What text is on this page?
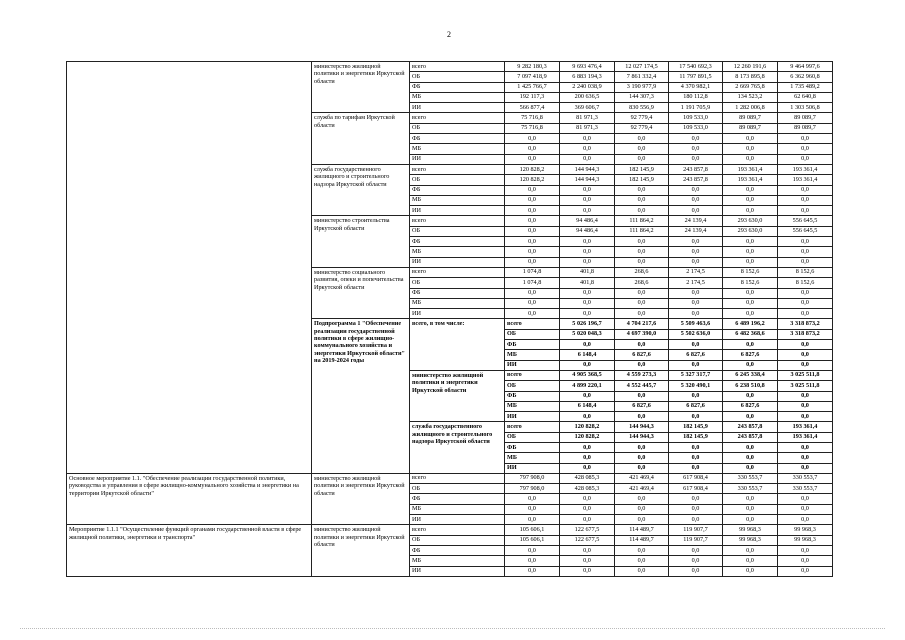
2
	министерство жилищной политики и энергетики Иркутской области	всего	9 282 180,3	9 693 476,4	12 027 174,5	17 540 692,3	12 260 191,6	9 464 997,6	
		ОБ	7 097 418,9	6 883 194,3	7 861 332,4	11 797 891,5	8 173 895,8	6 362 960,8	
		ФБ	1 425 766,7	2 240 038,9	3 190 977,9	4 370 982,1	2 669 765,8	1 735 489,2	
		МБ	192 117,3	200 636,5	144 307,3	180 112,8	134 523,2	62 640,8	
		ИИ	566 877,4	369 606,7	830 556,9	1 191 705,9	1 282 006,8	1 303 506,8	
	служба по тарифам Иркутской области	всего	75 716,8	81 971,3	92 779,4	109 533,0	89 089,7	89 089,7	
		ОБ	75 716,8	81 971,3	92 779,4	109 533,0	89 089,7	89 089,7	
		ФБ	0,0	0,0	0,0	0,0	0,0	0,0	
		МБ	0,0	0,0	0,0	0,0	0,0	0,0	
		ИИ	0,0	0,0	0,0	0,0	0,0	0,0	
	служба государственного жилищного и строительного надзора Иркутской области	всего	120 828,2	144 944,3	182 145,9	243 857,8	193 361,4	193 361,4	
		ОБ	120 828,2	144 944,3	182 145,9	243 857,8	193 361,4	193 361,4	
		ФБ	0,0	0,0	0,0	0,0	0,0	0,0	
		МБ	0,0	0,0	0,0	0,0	0,0	0,0	
		ИИ	0,0	0,0	0,0	0,0	0,0	0,0	
	министерство строительства Иркутской области	всего	0,0	94 486,4	111 864,2	24 139,4	293 630,0	556 645,5	
		ОБ	0,0	94 486,4	111 864,2	24 139,4	293 630,0	556 645,5	
		ФБ	0,0	0,0	0,0	0,0	0,0	0,0	
		МБ	0,0	0,0	0,0	0,0	0,0	0,0	
		ИИ	0,0	0,0	0,0	0,0	0,0	0,0	
	министерство социального развития, опеки и попечительства Иркутской области	всего	1 074,8	401,8	268,6	2 174,5	8 152,6	8 152,6	
		ОБ	1 074,8	401,8	268,6	2 174,5	8 152,6	8 152,6	
		ФБ	0,0	0,0	0,0	0,0	0,0	0,0	
		МБ	0,0	0,0	0,0	0,0	0,0	0,0	
		ИИ	0,0	0,0	0,0	0,0	0,0	0,0	
	Подпрограмма 1 "Обеспечение реализации государственной политики в сфере жилищно-коммунального хозяйства и энергетики Иркутской области" на 2019-2024 годы	всего, в том числе:	всего	5 026 196,7	4 704 217,6	5 509 463,6	6 489 196,2	3 318 873,2	
			ОБ	5 020 048,3	4 697 390,0	5 502 636,0	6 482 368,6	3 318 873,2	
			ФБ	0,0	0,0	0,0	0,0	0,0	
			МБ	6 148,4	6 827,6	6 827,6	6 827,6	0,0	
			ИИ	0,0	0,0	0,0	0,0	0,0	
		министерство жилищной политики и энергетики Иркутской области	всего	4 905 368,5	4 559 273,3	5 327 317,7	6 245 338,4	3 025 511,8	
			ОБ	4 899 220,1	4 552 445,7	5 320 490,1	6 238 510,8	3 025 511,8	
			ФБ	0,0	0,0	0,0	0,0	0,0	
			МБ	6 148,4	6 827,6	6 827,6	6 827,6	0,0	
			ИИ	0,0	0,0	0,0	0,0	0,0	
		служба государственного жилищного и строительного надзора Иркутской области	всего	120 828,2	144 944,3	182 145,9	243 857,8	193 361,4	
			ОБ	120 828,2	144 944,3	182 145,9	243 857,8	193 361,4	
			ФБ	0,0	0,0	0,0	0,0	0,0	
			МБ	0,0	0,0	0,0	0,0	0,0	
			ИИ	0,0	0,0	0,0	0,0	0,0	
Основное мероприятие 1.1. "Обеспечение реализации государственной политики, руководства и управления в сфере жилищно-коммунального хозяйства и энергетики на территории Иркутской области"	министерство жилищной политики и энергетики Иркутской области	всего	797 908,0	428 085,3	421 469,4	617 908,4	330 553,7	330 553,7	
		ОБ	797 908,0	428 085,3	421 469,4	617 908,4	330 553,7	330 553,7	
		ФБ	0,0	0,0	0,0	0,0	0,0	0,0	
		МБ	0,0	0,0	0,0	0,0	0,0	0,0	
		ИИ	0,0	0,0	0,0	0,0	0,0	0,0	
Мероприятие 1.1.1 "Осуществление функций органами государственной власти в сфере жилищной политики, энергетики и транспорта"	министерство жилищной политики и энергетики Иркутской области	всего	105 606,1	122 677,5	114 489,7	119 907,7	99 968,3	99 968,3	
		ОБ	105 606,1	122 677,5	114 489,7	119 907,7	99 968,3	99 968,3	
		ФБ	0,0	0,0	0,0	0,0	0,0	0,0	
		МБ	0,0	0,0	0,0	0,0	0,0	0,0	
		ИИ	0,0	0,0	0,0	0,0	0,0	0,0	
